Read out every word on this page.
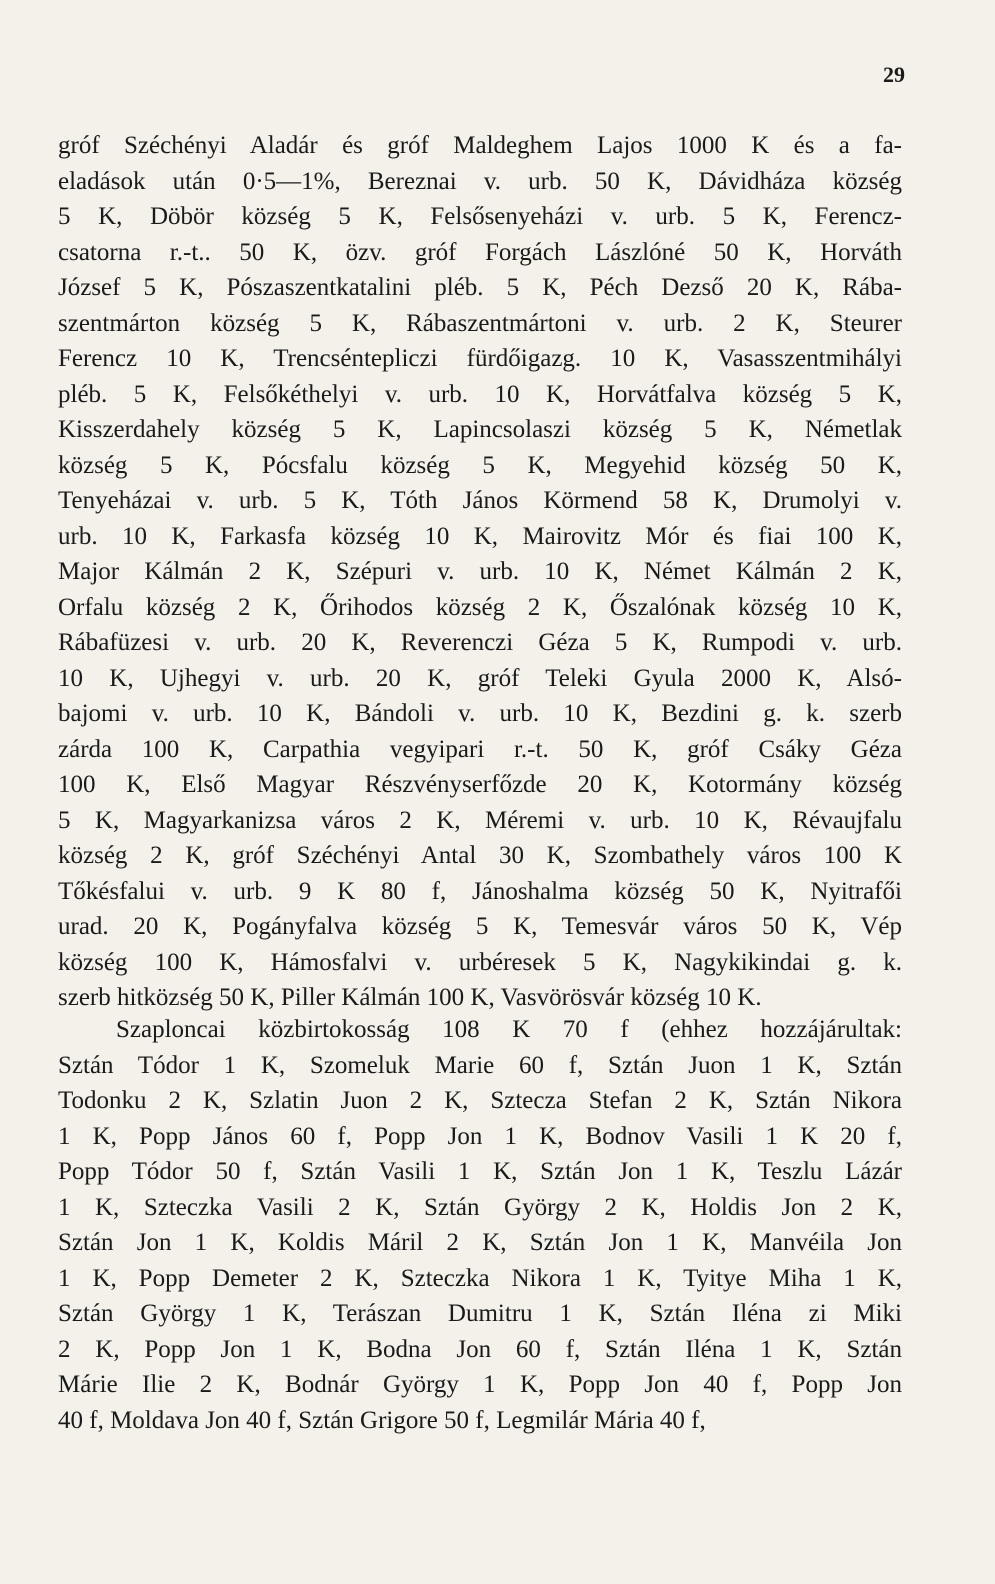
29
gróf Széchényi Aladár és gróf Maldeghem Lajos 1000 K és a fa-
eladások után 0·5—1%, Bereznai v. urb. 50 K, Dávidháza község
5 K, Döbör község 5 K, Felsősenyeházi v. urb. 5 K, Ferencz-
csatorna r.-t.. 50 K, özv. gróf Forgách Lászlóné 50 K, Horváth
József 5 K, Pószaszentkatalini pléb. 5 K, Péch Dezső 20 K, Rába-
szentmárton község 5 K, Rábaszentmártoni v. urb. 2 K, Steurer
Ferencz 10 K, Trencséntepliczi fürdőigazg. 10 K, Vasasszentmihályi
pléb. 5 K, Felsőkéthelyi v. urb. 10 K, Horvátfalva község 5 K,
Kisszerdahely község 5 K, Lapincsolaszi község 5 K, Németlak
község 5 K, Pócsfalu község 5 K, Megyehid község 50 K,
Tenyeházai v. urb. 5 K, Tóth János Körmend 58 K, Drumolyi v.
urb. 10 K, Farkasfa község 10 K, Mairovitz Mór és fiai 100 K,
Major Kálmán 2 K, Szépuri v. urb. 10 K, Német Kálmán 2 K,
Orfalu község 2 K, Őrihodos község 2 K, Őszalónak község 10 K,
Rábafüzesi v. urb. 20 K, Reverenczi Géza 5 K, Rumpodi v. urb.
10 K, Ujhegyi v. urb. 20 K, gróf Teleki Gyula 2000 K, Alsó-
bajomi v. urb. 10 K, Bándoli v. urb. 10 K, Bezdini g. k. szerb
zárda 100 K, Carpathia vegyipari r.-t. 50 K, gróf Csáky Géza
100 K, Első Magyar Részvényserfőzde 20 K, Kotormány község
5 K, Magyarkanizsa város 2 K, Méremi v. urb. 10 K, Révaujfalu
község 2 K, gróf Széchényi Antal 30 K, Szombathely város 100 K
Tőkésfalui v. urb. 9 K 80 f, Jánoshalma község 50 K, Nyitrafői
urad. 20 K, Pogányfalva község 5 K, Temesvár város 50 K, Vép
község 100 K, Hámosfalvi v. urbéresek 5 K, Nagykikindai g. k.
szerb hitközség 50 K, Piller Kálmán 100 K, Vasvörösvár község 10 K.
Szaploncai közbirtokosság 108 K 70 f (ehhez hozzájárultak:
Sztán Tódor 1 K, Szomeluk Marie 60 f, Sztán Juon 1 K, Sztán
Todonku 2 K, Szlatin Juon 2 K, Sztecza Stefan 2 K, Sztán Nikora
1 K, Popp János 60 f, Popp Jon 1 K, Bodnov Vasili 1 K 20 f,
Popp Tódor 50 f, Sztán Vasili 1 K, Sztán Jon 1 K, Teszlu Lázár
1 K, Szteczka Vasili 2 K, Sztán György 2 K, Holdis Jon 2 K,
Sztán Jon 1 K, Koldis Máril 2 K, Sztán Jon 1 K, Manvéila Jon
1 K, Popp Demeter 2 K, Szteczka Nikora 1 K, Tyitye Miha 1 K,
Sztán György 1 K, Terászan Dumitru 1 K, Sztán Iléna zi Miki
2 K, Popp Jon 1 K, Bodna Jon 60 f, Sztán Iléna 1 K, Sztán
Márie Ilie 2 K, Bodnár György 1 K, Popp Jon 40 f, Popp Jon
40 f, Moldava Jon 40 f, Sztán Grigore 50 f, Legmilár Mária 40 f,
